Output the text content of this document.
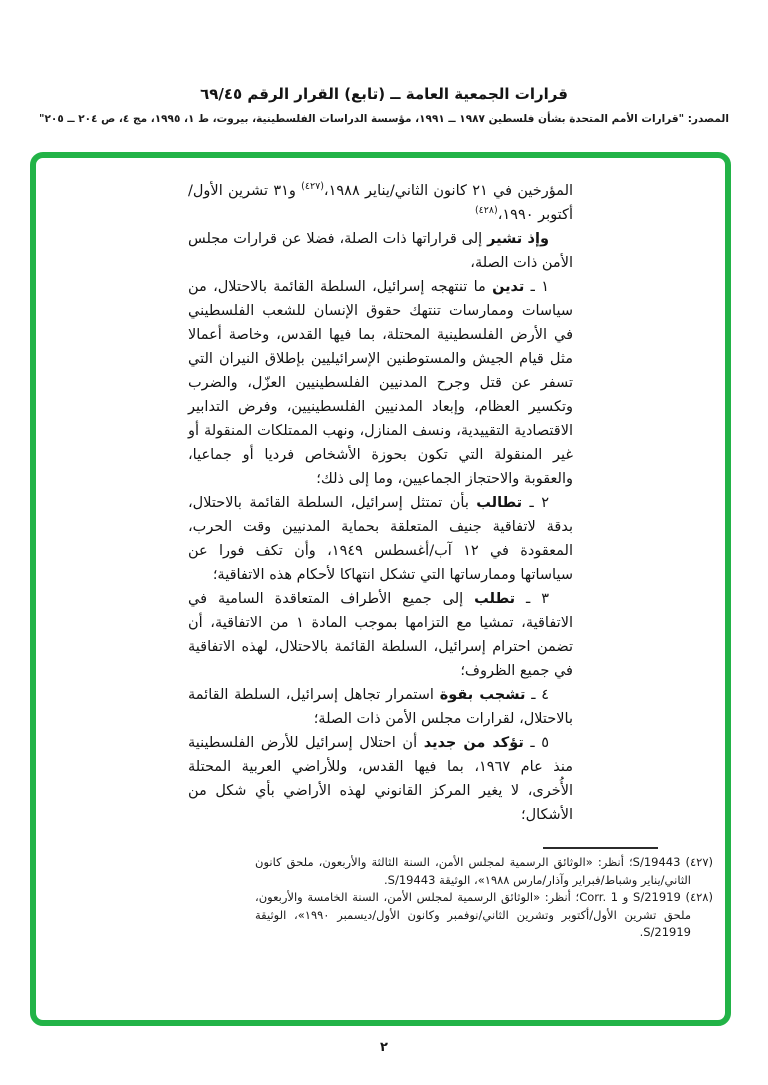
قرارات الجمعية العامة ــ (تابع) القرار الرقم ٦٩/٤٥
المصدر: "قرارات الأمم المتحدة بشأن فلسطين ١٩٨٧ ــ ١٩٩١، مؤسسة الدراسات الفلسطينية، بيروت، ط ١، ١٩٩٥، مج ٤، ص ٢٠٤ ــ ٢٠٥"
المؤرخين في ٢١ كانون الثاني/يناير ١٩٨٨،$^{(٤٢٧)}$ و٣١ تشرين الأول/أكتوبر ١٩٩٠،$^{(٤٢٨)}$
وإذ تشير إلى قراراتها ذات الصلة، فضلا عن قرارات مجلس الأمن ذات الصلة،
١ ـ تدين ما تنتهجه إسرائيل، السلطة القائمة بالاحتلال، من سياسات وممارسات تنتهك حقوق الإنسان للشعب الفلسطيني في الأرض الفلسطينية المحتلة، بما فيها القدس، وخاصة أعمالا مثل قيام الجيش والمستوطنين الإسرائيليين بإطلاق النيران التي تسفر عن قتل وجرح المدنيين الفلسطينيين العزّل، والضرب وتكسير العظام، وإبعاد المدنيين الفلسطينيين، وفرض التدابير الاقتصادية التقييدية، ونسف المنازل، ونهب الممتلكات المنقولة أو غير المنقولة التي تكون بحوزة الأشخاص فرديا أو جماعيا، والعقوبة والاحتجاز الجماعيين، وما إلى ذلك؛
٢ ـ تطالب بأن تمتثل إسرائيل، السلطة القائمة بالاحتلال، بدقة لاتفاقية جنيف المتعلقة بحماية المدنيين وقت الحرب، المعقودة في ١٢ آب/أغسطس ١٩٤٩، وأن تكف فورا عن سياساتها وممارساتها التي تشكل انتهاكا لأحكام هذه الاتفاقية؛
٣ ـ تطلب إلى جميع الأطراف المتعاقدة السامية في الاتفاقية، تمشيا مع التزامها بموجب المادة ١ من الاتفاقية، أن تضمن احترام إسرائيل، السلطة القائمة بالاحتلال، لهذه الاتفاقية في جميع الظروف؛
٤ ـ تشجب بقوة استمرار تجاهل إسرائيل، السلطة القائمة بالاحتلال، لقرارات مجلس الأمن ذات الصلة؛
٥ ـ تؤكد من جديد أن احتلال إسرائيل للأرض الفلسطينية منذ عام ١٩٦٧، بما فيها القدس، وللأراضي العربية المحتلة الأُخرى، لا يغير المركز القانوني لهذه الأراضي بأي شكل من الأشكال؛
(٤٢٧) S/19443؛ أنظر: «الوثائق الرسمية لمجلس الأمن، السنة الثالثة والأربعون، ملحق كانون الثاني/يناير وشباط/فبراير وآذار/مارس ١٩٨٨»، الوثيقة S/19443.
(٤٢٨) S/21919 و Corr. 1؛ أنظر: «الوثائق الرسمية لمجلس الأمن، السنة الخامسة والأربعون، ملحق تشرين الأول/أكتوبر وتشرين الثاني/نوفمبر وكانون الأول/ديسمبر ١٩٩٠»، الوثيقة S/21919.
٢
